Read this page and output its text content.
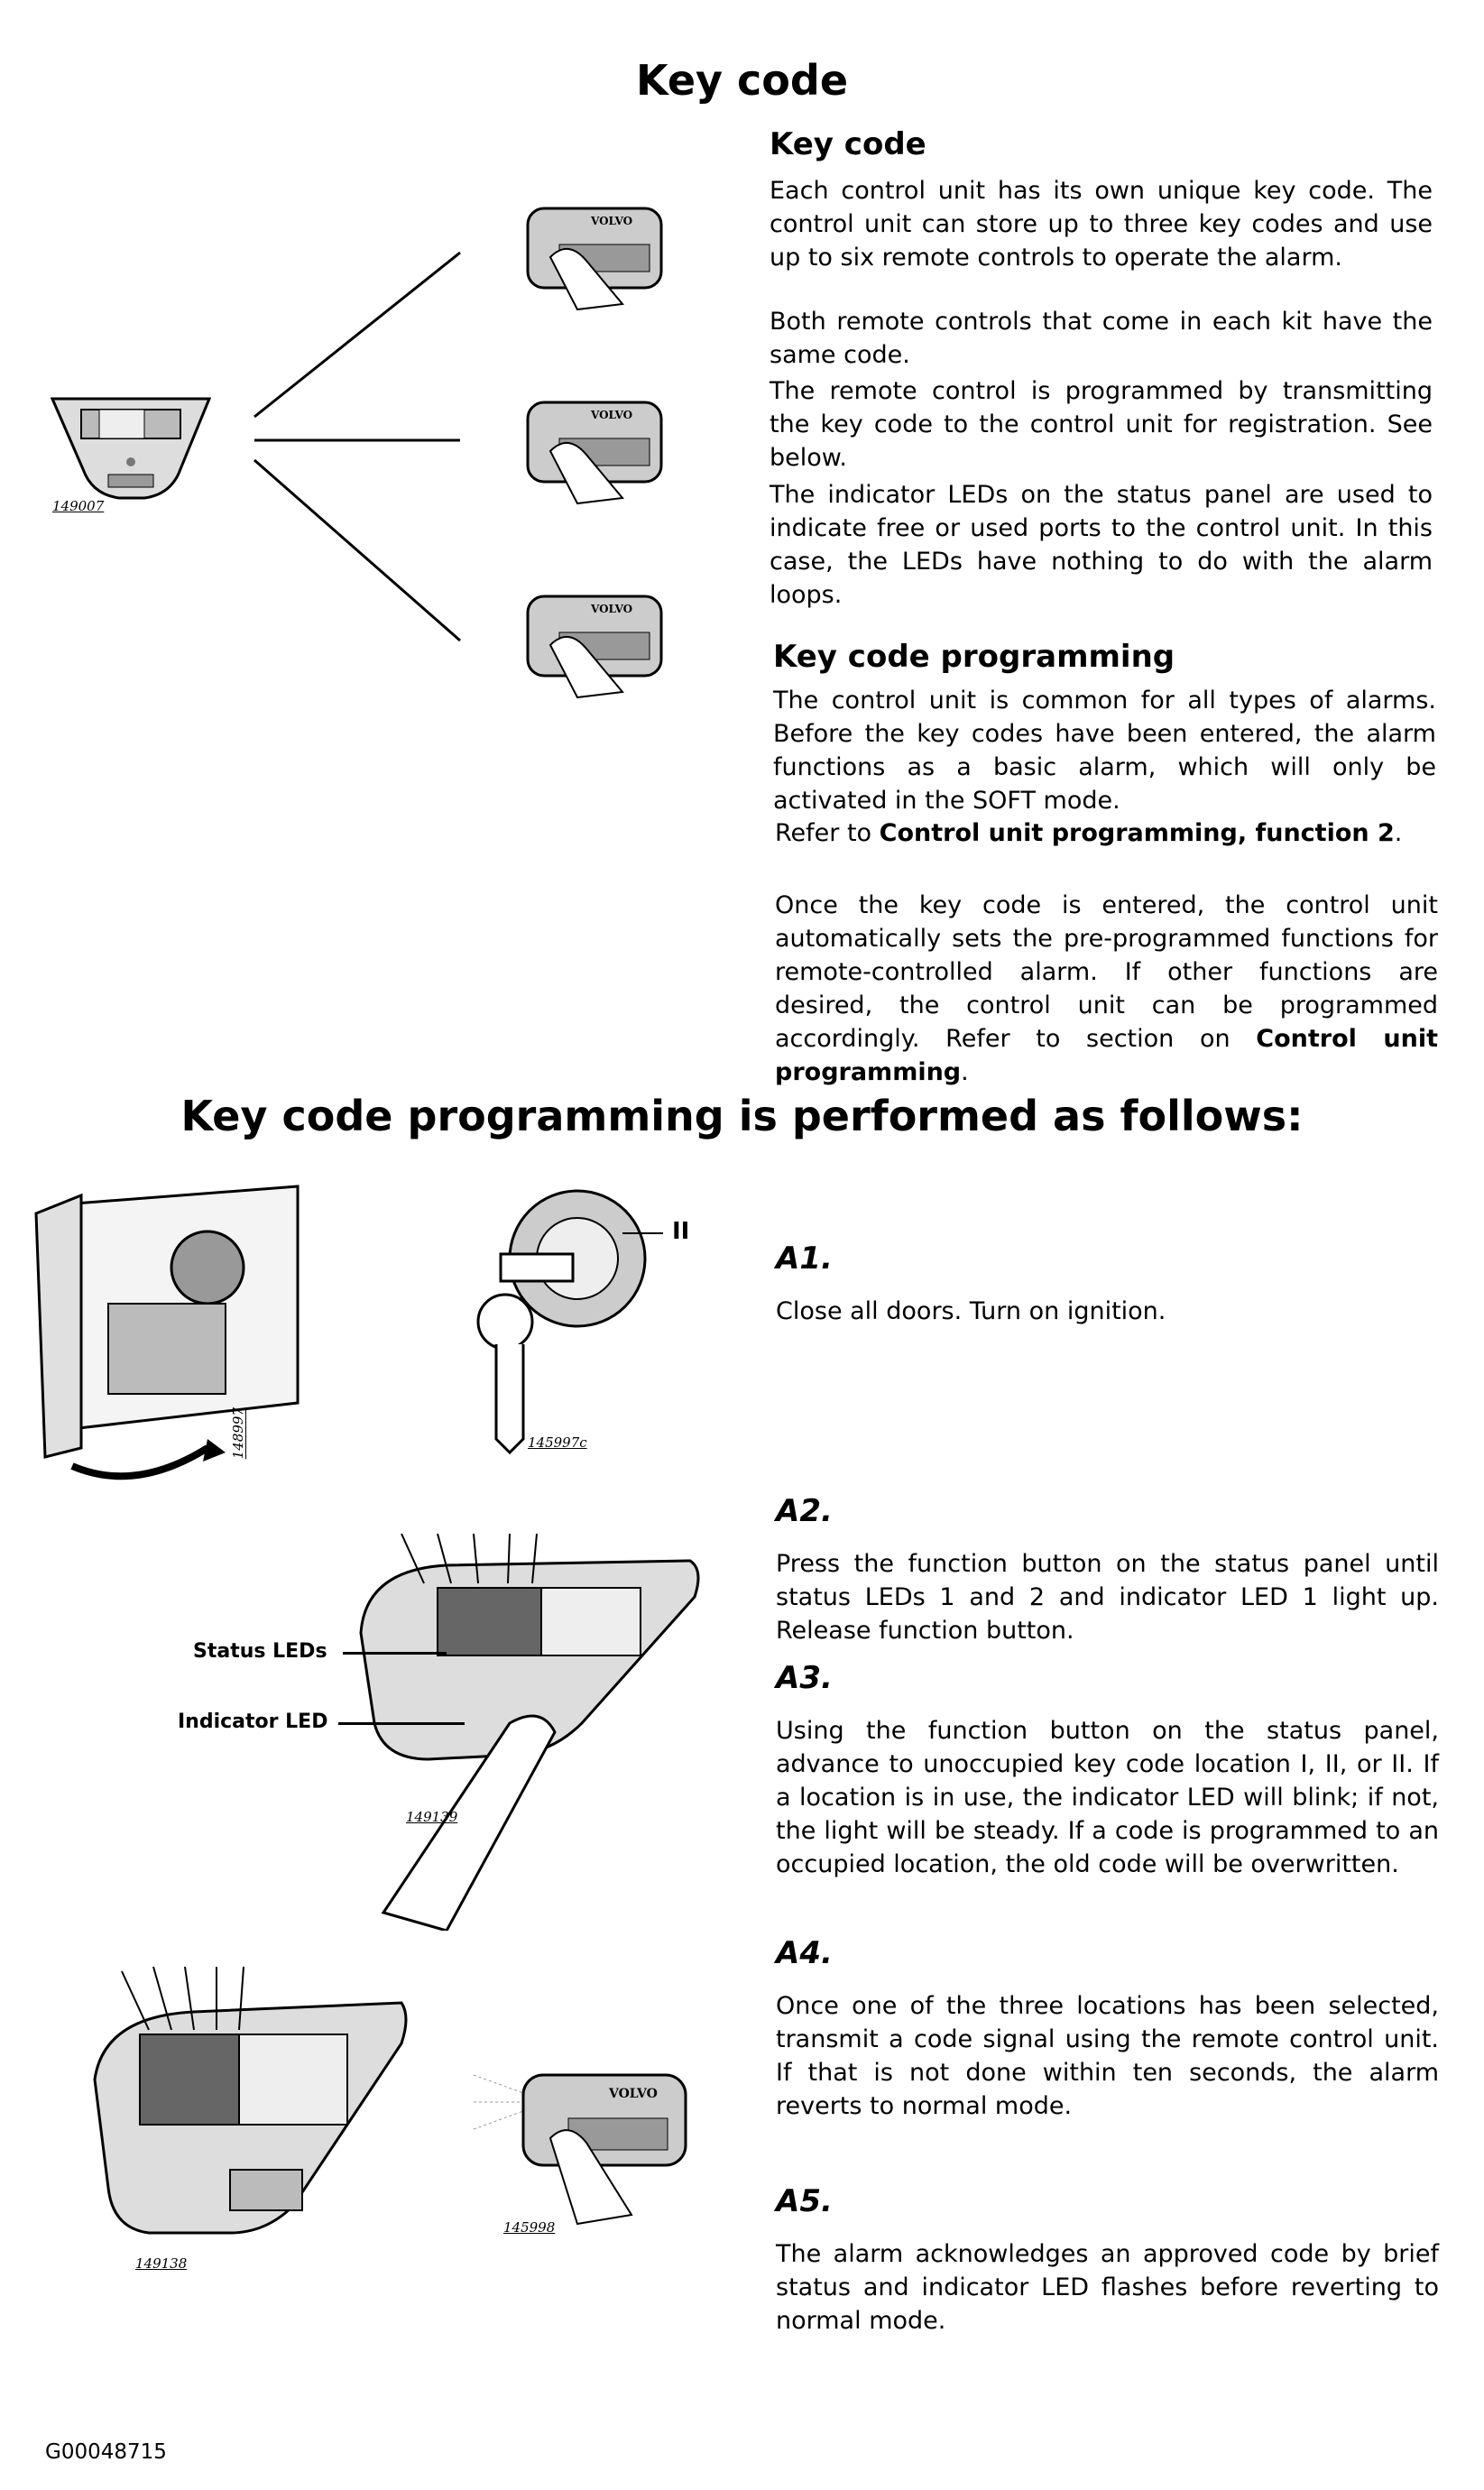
Key code
149007
VOLVO
VOLVO
VOLVO
Key code

Each control unit has its own unique key code. The control unit can store up to three key codes and use up to six remote controls to operate the alarm.

Both remote controls that come in each kit have the same code.

The remote control is programmed by transmitting the key code to the control unit for registration. See below.

The indicator LEDs on the status panel are used to indicate free or used ports to the control unit. In this case, the LEDs have nothing to do with the alarm loops.

Key code programming

The control unit is common for all types of alarms. Before the key codes have been entered, the alarm functions as a basic alarm, which will only be activated in the SOFT mode.

Refer to Control unit programming, function 2.

Once the key code is entered, the control unit automatically sets the pre-programmed functions for remote-controlled alarm. If other functions are desired, the control unit can be programmed accordingly. Refer to section on Control unit programming.

Key code programming is performed as follows:
148997
II
145997c
A1.

Close all doors. Turn on ignition.

A2.

Press the function button on the status panel until status LEDs 1 and 2 and indicator LED 1 light up. Release function button.

A3.

Using the function button on the status panel, advance to unoccupied key code location I, II, or II. If a location is in use, the indicator LED will blink; if not, the light will be steady. If a code is programmed to an occupied location, the old code will be overwritten.

A4.

Once one of the three locations has been selected, transmit a code signal using the remote control unit. If that is not done within ten seconds, the alarm reverts to normal mode.

A5.

The alarm acknowledges an approved code by brief status and indicator LED flashes before reverting to normal mode.

Status LEDs
Indicator LED
149139
149138
VOLVO
145998
G00048715
